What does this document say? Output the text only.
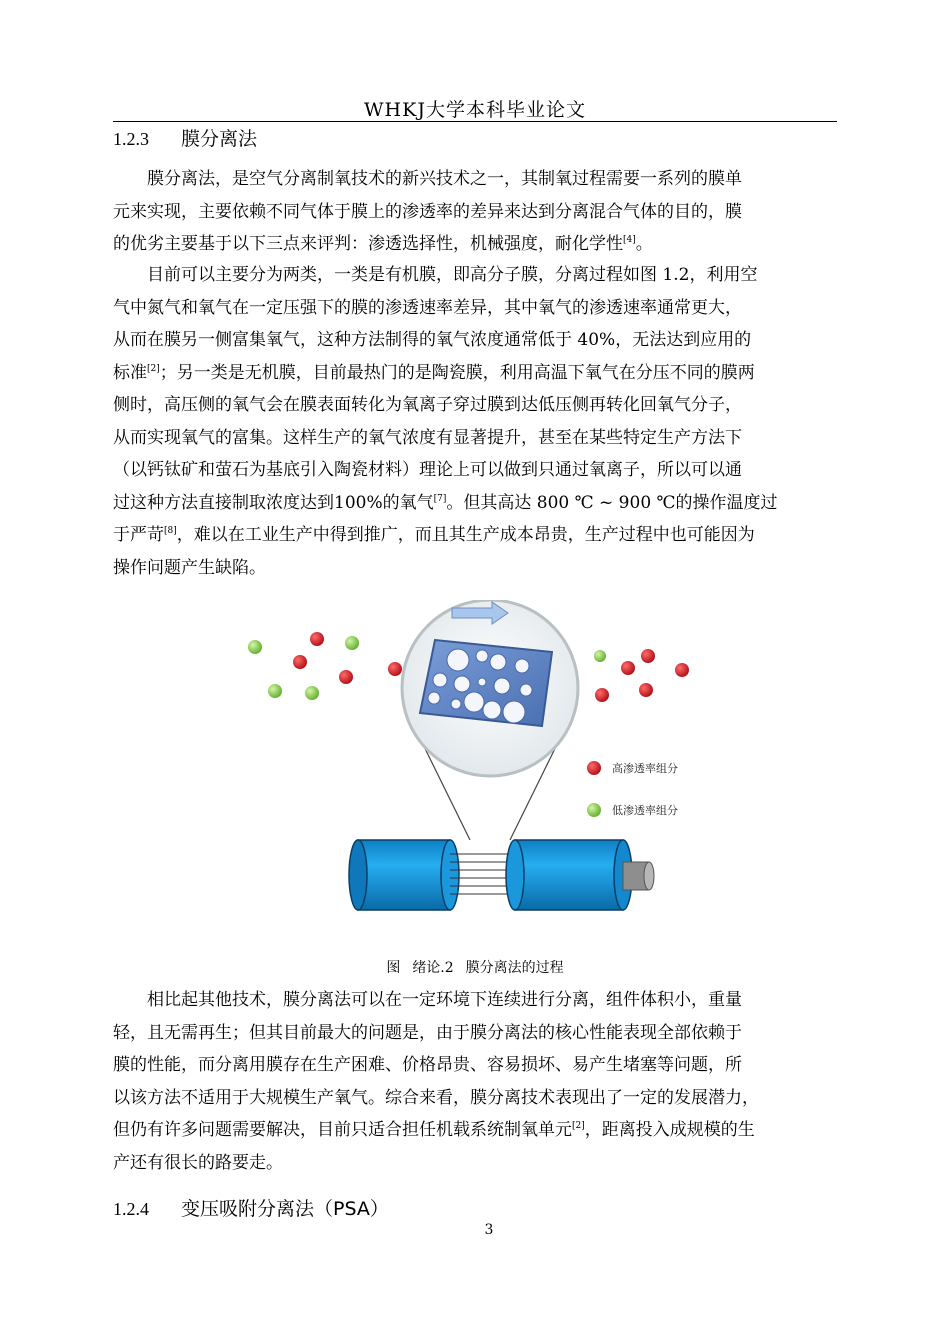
WHKJ大学本科毕业论文
1.2.3 膜分离法

膜分离法，是空气分离制氧技术的新兴技术之一，其制氧过程需要一系列的膜单
元来实现，主要依赖不同气体于膜上的渗透率的差异来达到分离混合气体的目的，膜
的优劣主要基于以下三点来评判：渗透选择性，机械强度，耐化学性[4]。

目前可以主要分为两类，一类是有机膜，即高分子膜，分离过程如图 1.2，利用空
气中氮气和氧气在一定压强下的膜的渗透速率差异，其中氧气的渗透速率通常更大，
从而在膜另一侧富集氧气，这种方法制得的氧气浓度通常低于 40%，无法达到应用的
标准[2]；另一类是无机膜，目前最热门的是陶瓷膜，利用高温下氧气在分压不同的膜两
侧时，高压侧的氧气会在膜表面转化为氧离子穿过膜到达低压侧再转化回氧气分子，
从而实现氧气的富集。这样生产的氧气浓度有显著提升，甚至在某些特定生产方法下
（以钙钛矿和萤石为基底引入陶瓷材料）理论上可以做到只通过氧离子，所以可以通
过这种方法直接制取浓度达到100%的氧气[7]。但其高达 800 ℃ ~ 900 ℃的操作温度过
于严苛[8]，难以在工业生产中得到推广，而且其生产成本昂贵，生产过程中也可能因为
操作问题产生缺陷。

高渗透率组分
低渗透率组分
图 绪论.2 膜分离法的过程

相比起其他技术，膜分离法可以在一定环境下连续进行分离，组件体积小，重量
轻，且无需再生；但其目前最大的问题是，由于膜分离法的核心性能表现全部依赖于
膜的性能，而分离用膜存在生产困难、价格昂贵、容易损坏、易产生堵塞等问题，所
以该方法不适用于大规模生产氧气。综合来看，膜分离技术表现出了一定的发展潜力，
但仍有许多问题需要解决，目前只适合担任机载系统制氧单元[2]，距离投入成规模的生
产还有很长的路要走。

1.2.4 变压吸附分离法（PSA）
3
